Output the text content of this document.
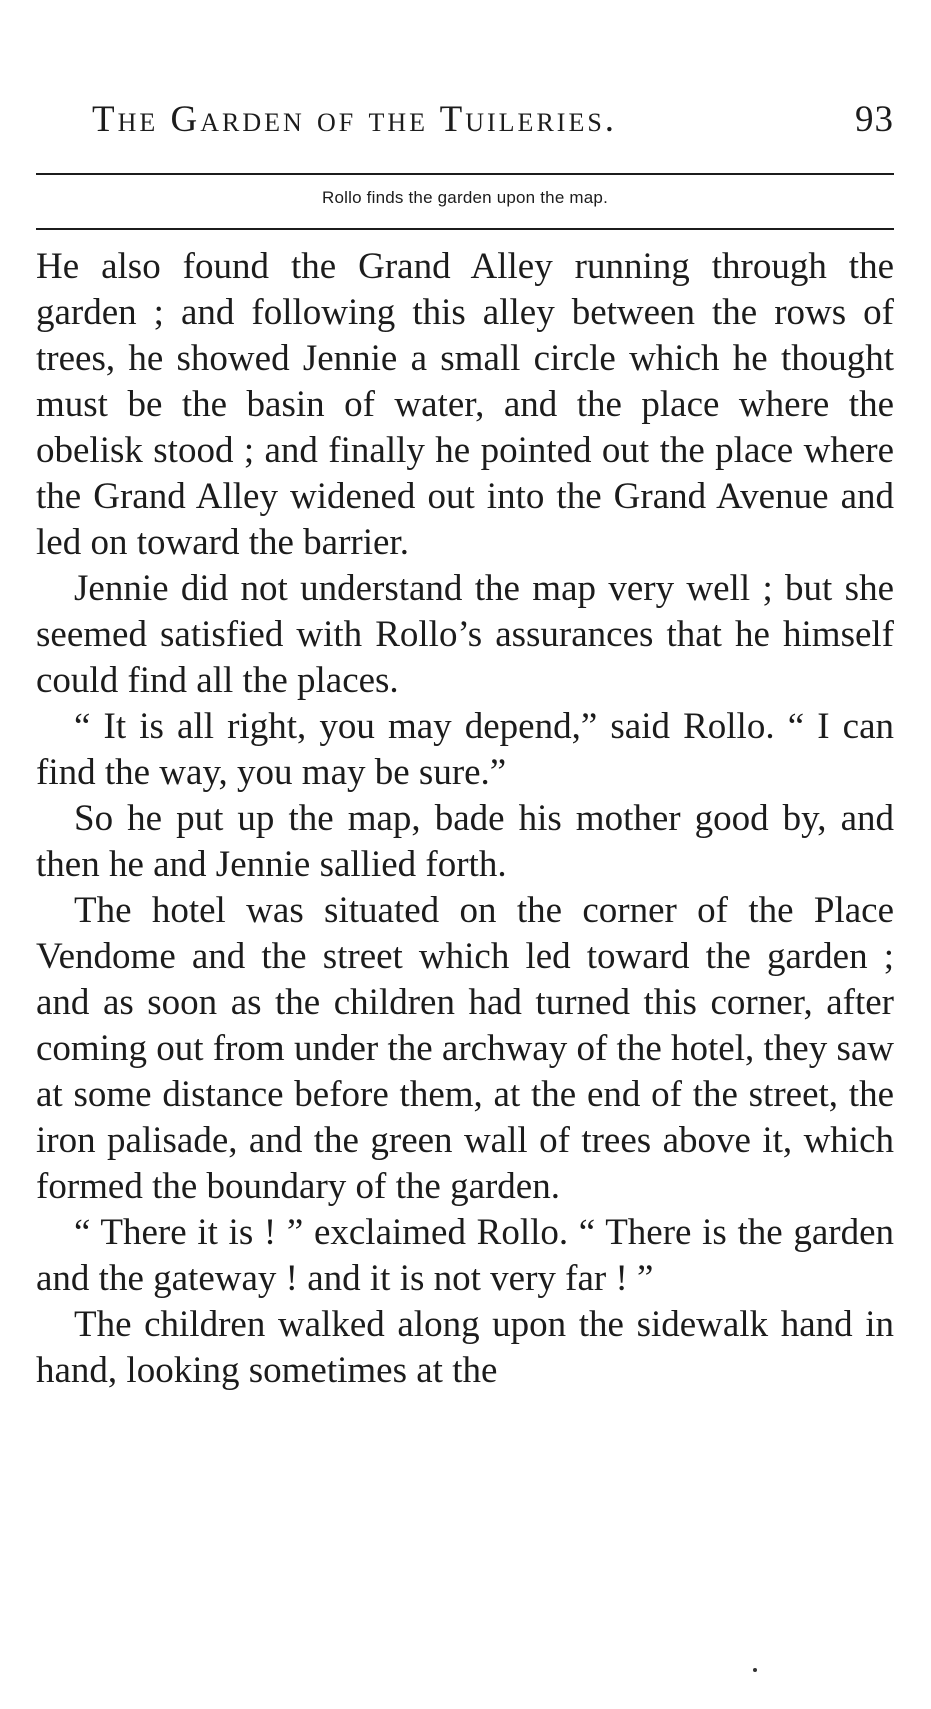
The Garden of the Tuileries.	93
Rollo finds the garden upon the map.

He also found the Grand Alley running through the garden ; and following this alley between the rows of trees, he showed Jennie a small circle which he thought must be the basin of water, and the place where the obelisk stood ; and finally he pointed out the place where the Grand Alley widened out into the Grand Avenue and led on toward the barrier.

Jennie did not understand the map very well ; but she seemed satisfied with Rollo’s assurances that he himself could find all the places.

“ It is all right, you may depend,” said Rollo. “ I can find the way, you may be sure.”

So he put up the map, bade his mother good by, and then he and Jennie sallied forth.

The hotel was situated on the corner of the Place Vendome and the street which led toward the garden ; and as soon as the children had turned this corner, after coming out from under the archway of the hotel, they saw at some distance before them, at the end of the street, the iron palisade, and the green wall of trees above it, which formed the boundary of the garden.

“ There it is ! ” exclaimed Rollo. “ There is the garden and the gateway ! and it is not very far ! ”

The children walked along upon the sidewalk hand in hand, looking sometimes at the
